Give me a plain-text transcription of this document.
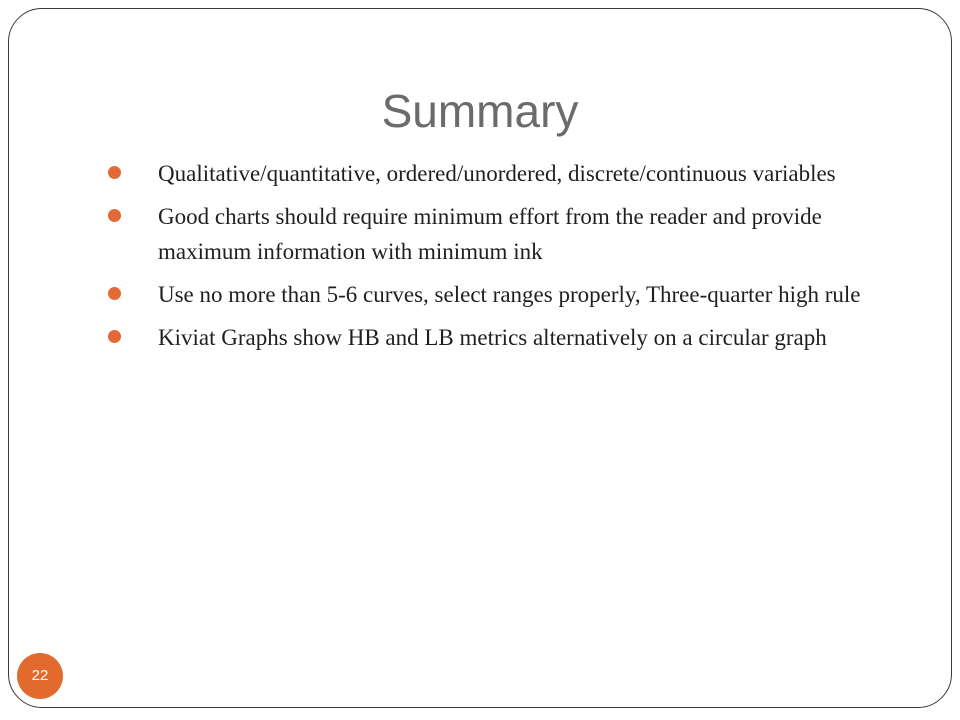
Summary
Qualitative/quantitative, ordered/unordered, discrete/continuous variables
Good charts should require minimum effort from the reader and provide maximum information with minimum ink
Use no more than 5-6 curves, select ranges properly, Three-quarter high rule
Kiviat Graphs show HB and LB metrics alternatively on a circular graph
22
